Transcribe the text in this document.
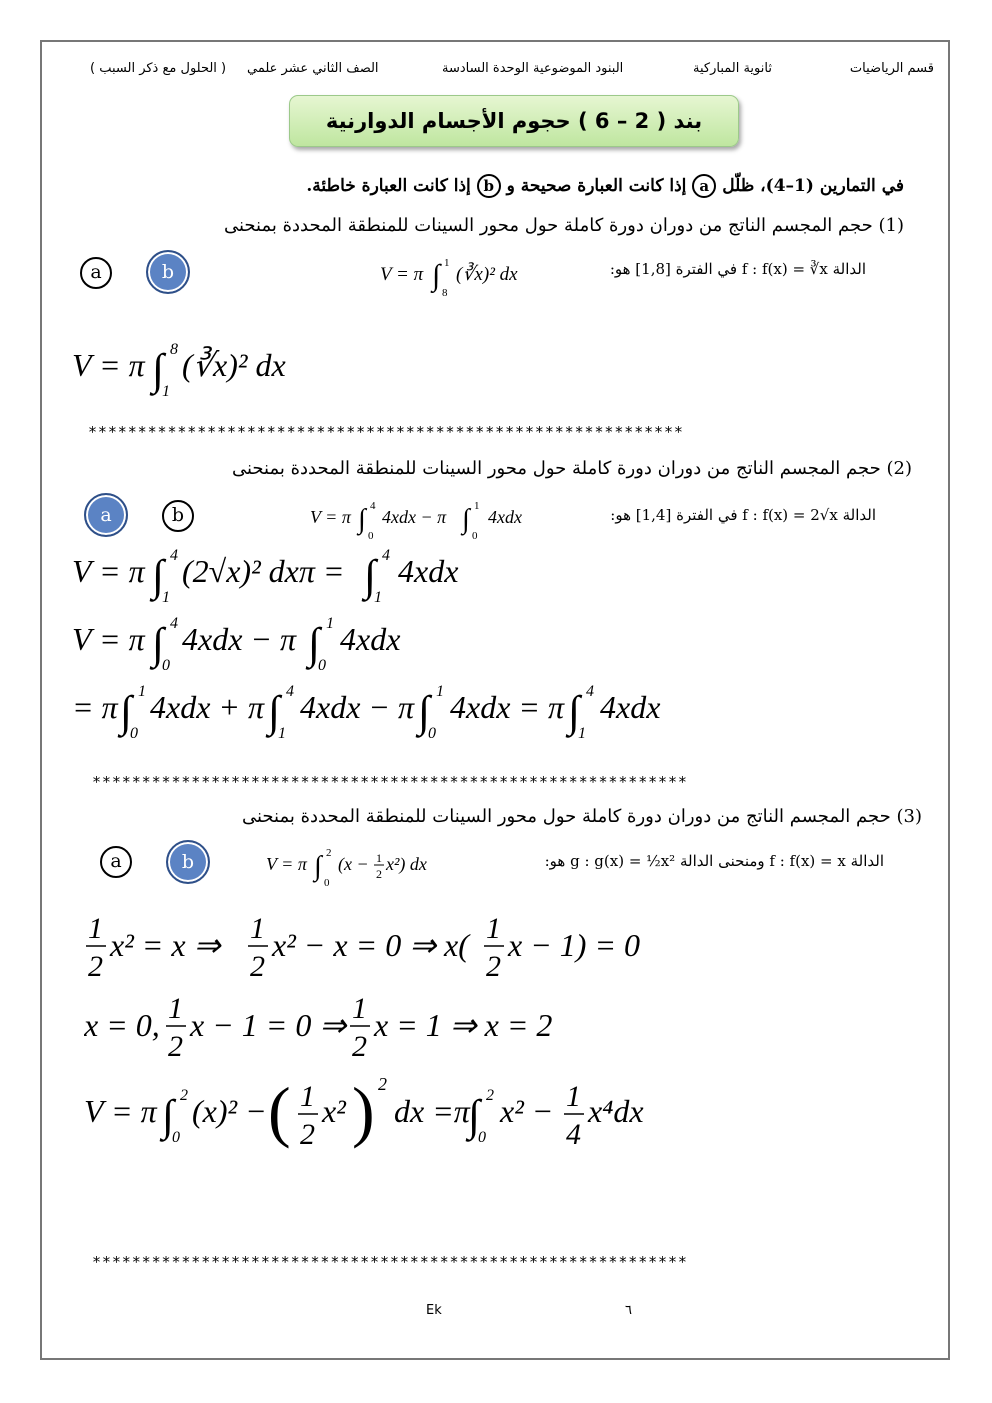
قسم الرياضيات
ثانوية المباركية
البنود الموضوعية الوحدة السادسة
الصف الثاني عشر علمي
( الحلول مع ذكر السبب )
بند ( 2 – 6 ) حجوم الأجسام الدوارنية
في التمارين (1–4)، ظلّل a إذا كانت العبارة صحيحة و b إذا كانت العبارة خاطئة.
(1) حجم المجسم الناتج من دوران دورة كاملة حول محور السينات للمنطقة المحددة بمنحنى
a	b	الدالة f : f(x) = ∛x في الفترة [1,8] هو:
V = π ∫ 1
8
(∛x)² dx
V = π ∫ 8
1
(∛x)² dx
************************************************************
(2) حجم المجسم الناتج من دوران دورة كاملة حول محور السينات للمنطقة المحددة بمنحنى
a	b	الدالة f : f(x) = 2√x في الفترة [1,4] هو:
V = π ∫ 4
0
4xdx − π ∫ 1
0
4xdx
V = π ∫ 4
1
(2√x)² dxπ = ∫ 4
1
4xdx
V = π ∫ 4
0
4xdx − π ∫ 1
0
4xdx
= π ∫ 1
0
4xdx + π ∫ 4
1
4xdx − π ∫ 1
0
4xdx = π ∫ 4
1
4xdx
************************************************************
(3) حجم المجسم الناتج من دوران دورة كاملة حول محور السينات للمنطقة المحددة بمنحنى
a	b	الدالة f : f(x) = x ومنحنى الدالة g : g(x) = ½x² هو:
V = π ∫ 2
0
(x − 1
2 x²) dx
1
2
x² = x ⇒ 1
2
x² − x = 0 ⇒ x( 1
2
x − 1) = 0
x = 0, 1
2
x − 1 = 0 ⇒ 1
2
x = 1 ⇒ x = 2
V = π ∫ 2
0
(x)² − ( 1
2
x² ) 2
dx =π
∫ 2
0
x² − 1
4
x⁴dx
************************************************************
Ek	٦
